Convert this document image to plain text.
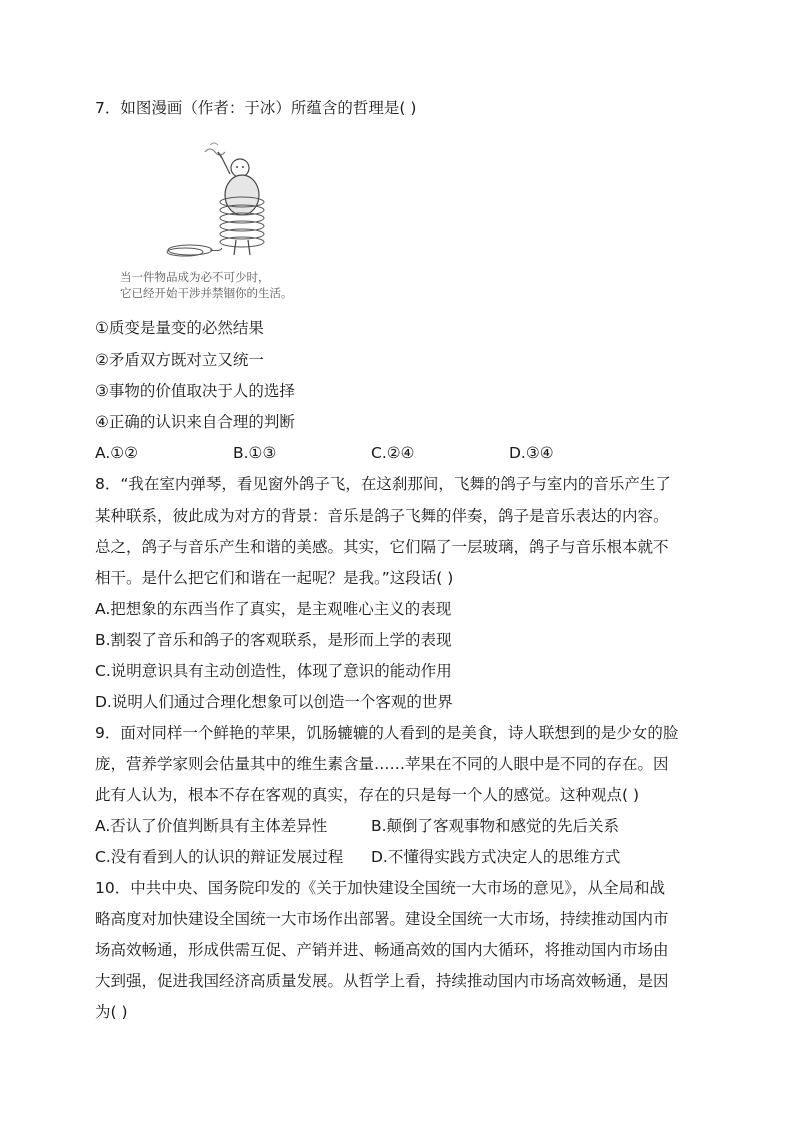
7．如图漫画（作者：于冰）所蕴含的哲理是( )
当一件物品成为必不可少时，
它已经开始干涉并禁锢你的生活。
①质变是量变的必然结果
②矛盾双方既对立又统一
③事物的价值取决于人的选择
④正确的认识来自合理的判断
A.①②	B.①③	C.②④	D.③④
8．“我在室内弹琴，看见窗外鸽子飞，在这刹那间，飞舞的鸽子与室内的音乐产生了
某种联系，彼此成为对方的背景：音乐是鸽子飞舞的伴奏，鸽子是音乐表达的内容。
总之，鸽子与音乐产生和谐的美感。其实，它们隔了一层玻璃，鸽子与音乐根本就不
相干。是什么把它们和谐在一起呢？是我。”这段话( )
A.把想象的东西当作了真实，是主观唯心主义的表现
B.割裂了音乐和鸽子的客观联系，是形而上学的表现
C.说明意识具有主动创造性，体现了意识的能动作用
D.说明人们通过合理化想象可以创造一个客观的世界
9．面对同样一个鲜艳的苹果，饥肠辘辘的人看到的是美食，诗人联想到的是少女的脸
庞，营养学家则会估量其中的维生素含量……苹果在不同的人眼中是不同的存在。因
此有人认为，根本不存在客观的真实，存在的只是每一个人的感觉。这种观点( )
A.否认了价值判断具有主体差异性	B.颠倒了客观事物和感觉的先后关系
C.没有看到人的认识的辩证发展过程 D.不懂得实践方式决定人的思维方式
10．中共中央、国务院印发的《关于加快建设全国统一大市场的意见》，从全局和战
略高度对加快建设全国统一大市场作出部署。建设全国统一大市场，持续推动国内市
场高效畅通，形成供需互促、产销并进、畅通高效的国内大循环，将推动国内市场由
大到强，促进我国经济高质量发展。从哲学上看，持续推动国内市场高效畅通，是因
为( )
